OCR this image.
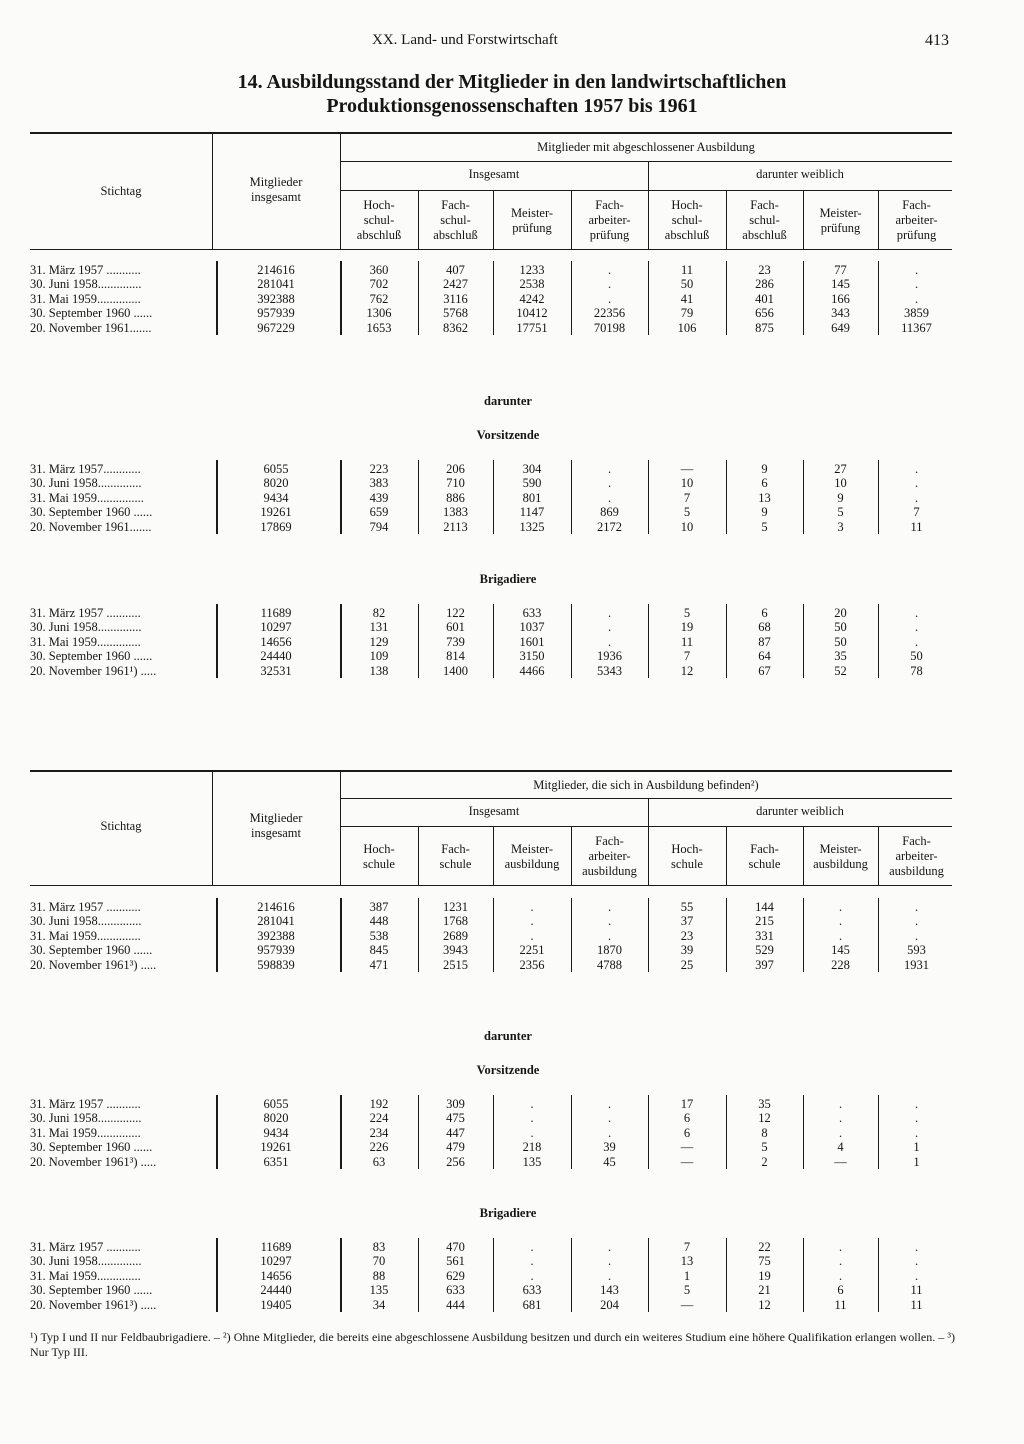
XX. Land- und Forstwirtschaft	413
14. Ausbildungsstand der Mitglieder in den landwirtschaftlichen
Produktionsgenossenschaften 1957 bis 1961
Stichtag
Mitglieder insgesamt
Mitglieder mit abgeschlossener Ausbildung
Insgesamt	darunter weiblich
Hoch-
schul-
abschluß
Fach-
schul-
abschluß
Meister-
prüfung
Fach-
arbeiter-
prüfung
Hoch-
schul-
abschluß
Fach-
schul-
abschluß
Meister-
prüfung
Fach-
arbeiter-
prüfung
31. März 1957 ...........	214616	360	407	1233	.	11	23	77	.
30. Juni 1958..............	281041	702	2427	2538	.	50	286	145	.
31. Mai 1959..............	392388	762	3116	4242	.	41	401	166	.
30. September 1960 ......	957939	1306	5768	10412	22356	79	656	343	3859
20. November 1961.......	967229	1653	8362	17751	70198	106	875	649	11367
darunter
Vorsitzende
31. März 1957............	6055	223	206	304	.	—	9	27	.
30. Juni 1958..............	8020	383	710	590	.	10	6	10	.
31. Mai 1959...............	9434	439	886	801	.	7	13	9	.
30. September 1960 ......	19261	659	1383	1147	869	5	9	5	7
20. November 1961.......	17869	794	2113	1325	2172	10	5	3	11
Brigadiere
31. März 1957 ...........	11689	82	122	633	.	5	6	20	.
30. Juni 1958..............	10297	131	601	1037	.	19	68	50	.
31. Mai 1959..............	14656	129	739	1601	.	11	87	50	.
30. September 1960 ......	24440	109	814	3150	1936	7	64	35	50
20. November 1961¹) .....	32531	138	1400	4466	5343	12	67	52	78
Stichtag
Mitglieder insgesamt
Mitglieder, die sich in Ausbildung befinden²)
Insgesamt	darunter weiblich
Hoch-
schule
Fach-
schule
Meister-
ausbildung
Fach-
arbeiter-
ausbildung
Hoch-
schule
Fach-
schule
Meister-
ausbildung
Fach-
arbeiter-
ausbildung
31. März 1957 ...........	214616	387	1231	.	.	55	144	.	.
30. Juni 1958..............	281041	448	1768	.	.	37	215	.	.
31. Mai 1959..............	392388	538	2689	.	.	23	331	.	.
30. September 1960 ......	957939	845	3943	2251	1870	39	529	145	593
20. November 1961³) .....	598839	471	2515	2356	4788	25	397	228	1931
darunter
Vorsitzende
31. März 1957 ...........	6055	192	309	.	.	17	35	.	.
30. Juni 1958..............	8020	224	475	.	.	6	12	.	.
31. Mai 1959..............	9434	234	447	.	.	6	8	.	.
30. September 1960 ......	19261	226	479	218	39	—	5	4	1
20. November 1961³) .....	6351	63	256	135	45	—	2	—	1
Brigadiere
31. März 1957 ...........	11689	83	470	.	.	7	22	.	.
30. Juni 1958..............	10297	70	561	.	.	13	75	.	.
31. Mai 1959..............	14656	88	629	.	.	1	19	.	.
30. September 1960 ......	24440	135	633	633	143	5	21	6	11
20. November 1961³) .....	19405	34	444	681	204	—	12	11	11
¹) Typ I und II nur Feldbaubrigadiere. – ²) Ohne Mitglieder, die bereits eine abgeschlossene Ausbildung besitzen und durch ein weiteres Studium eine höhere Qualifikation erlangen wollen. – ³) Nur Typ III.
